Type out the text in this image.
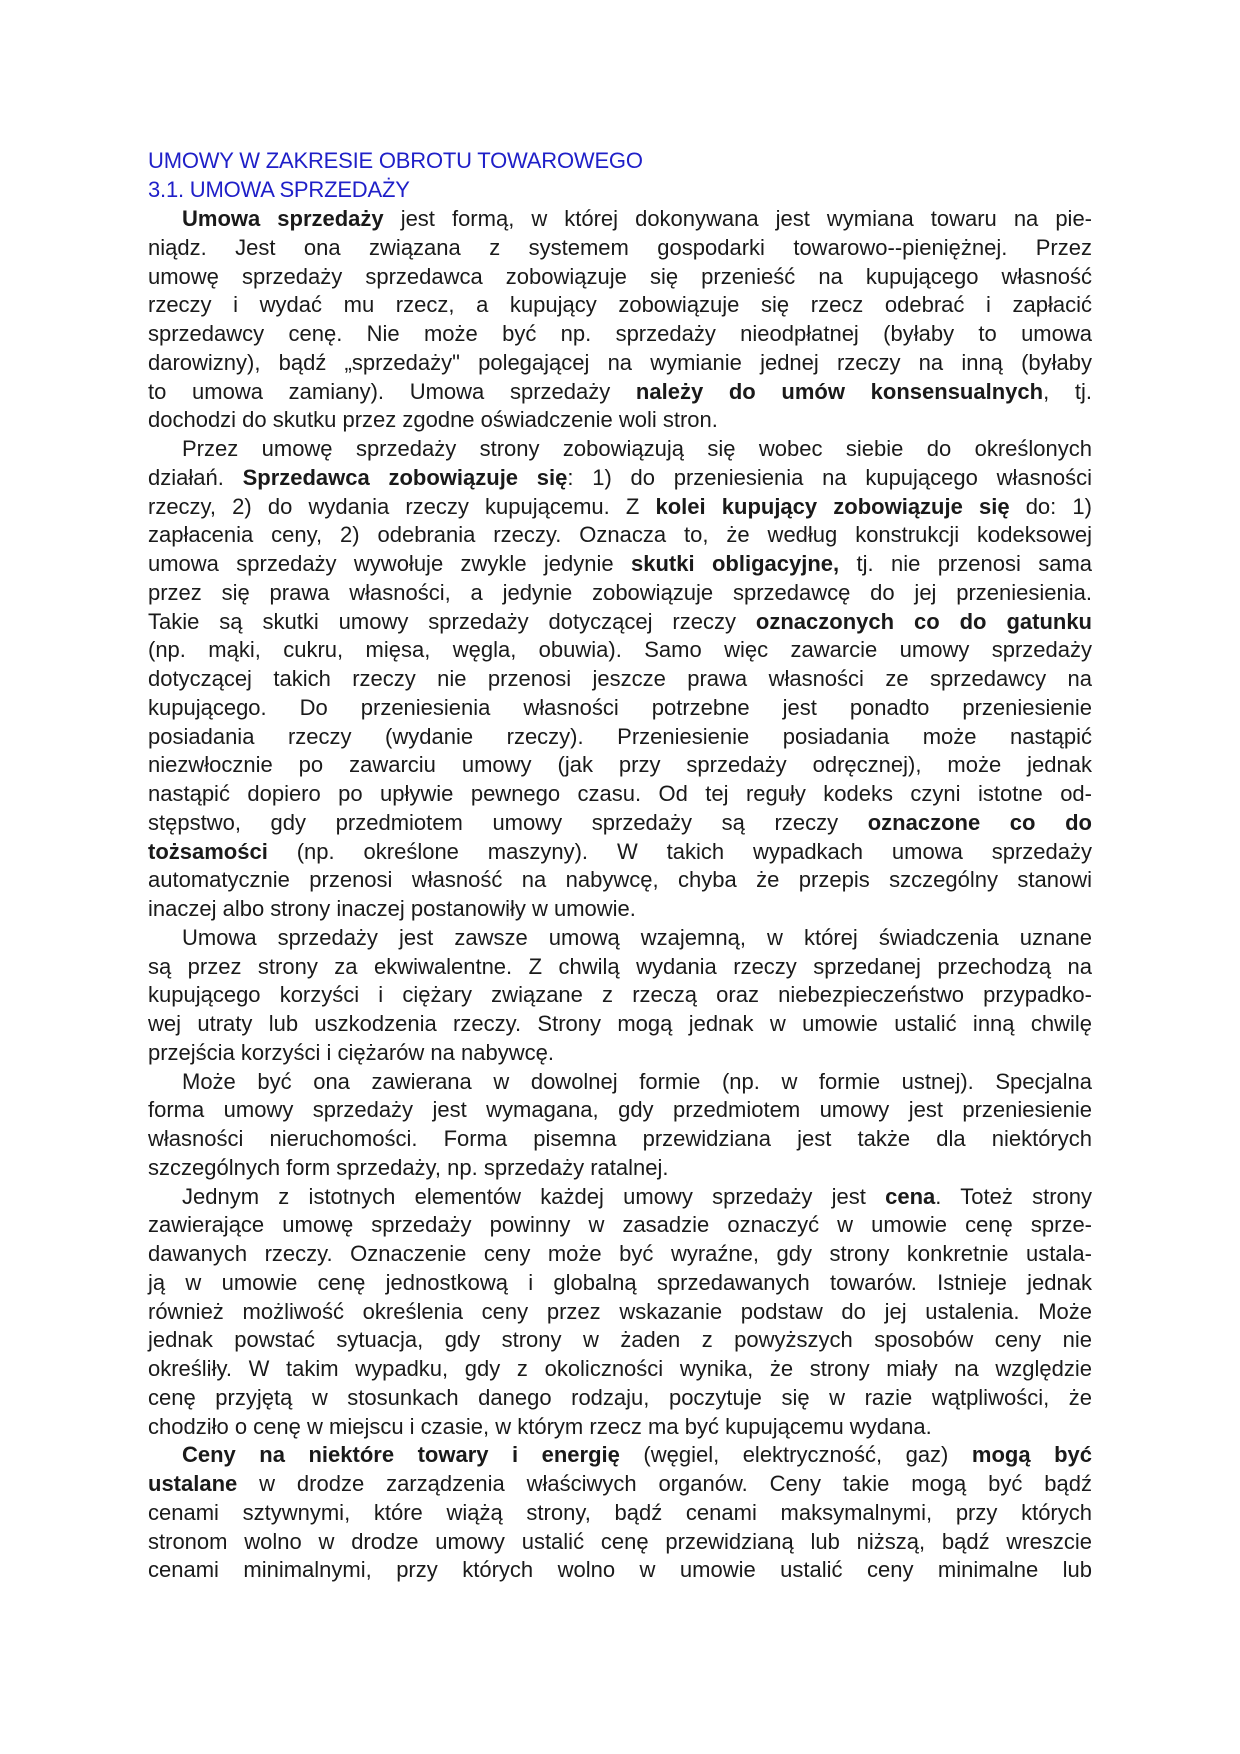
UMOWY W ZAKRESIE OBROTU TOWAROWEGO
3.1. UMOWA SPRZEDAŻY
Umowa sprzedaży jest formą, w której dokonywana jest wymiana towaru na pie-
niądz. Jest ona związana z systemem gospodarki towarowo--pieniężnej. Przez
umowę sprzedaży sprzedawca zobowiązuje się przenieść na kupującego własność
rzeczy i wydać mu rzecz, a kupujący zobowiązuje się rzecz odebrać i zapłacić
sprzedawcy cenę. Nie może być np. sprzedaży nieodpłatnej (byłaby to umowa
darowizny), bądź „sprzedaży" polegającej na wymianie jednej rzeczy na inną (byłaby
to umowa zamiany). Umowa sprzedaży należy do umów konsensualnych, tj.
dochodzi do skutku przez zgodne oświadczenie woli stron.
Przez umowę sprzedaży strony zobowiązują się wobec siebie do określonych
działań. Sprzedawca zobowiązuje się: 1) do przeniesienia na kupującego własności
rzeczy, 2) do wydania rzeczy kupującemu. Z kolei kupujący zobowiązuje się do: 1)
zapłacenia ceny, 2) odebrania rzeczy. Oznacza to, że według konstrukcji kodeksowej
umowa sprzedaży wywołuje zwykle jedynie skutki obligacyjne, tj. nie przenosi sama
przez się prawa własności, a jedynie zobowiązuje sprzedawcę do jej przeniesienia.
Takie są skutki umowy sprzedaży dotyczącej rzeczy oznaczonych co do gatunku
(np. mąki, cukru, mięsa, węgla, obuwia). Samo więc zawarcie umowy sprzedaży
dotyczącej takich rzeczy nie przenosi jeszcze prawa własności ze sprzedawcy na
kupującego. Do przeniesienia własności potrzebne jest ponadto przeniesienie
posiadania rzeczy (wydanie rzeczy). Przeniesienie posiadania może nastąpić
niezwłocznie po zawarciu umowy (jak przy sprzedaży odręcznej), może jednak
nastąpić dopiero po upływie pewnego czasu. Od tej reguły kodeks czyni istotne od-
stępstwo, gdy przedmiotem umowy sprzedaży są rzeczy oznaczone co do
tożsamości (np. określone maszyny). W takich wypadkach umowa sprzedaży
automatycznie przenosi własność na nabywcę, chyba że przepis szczególny stanowi
inaczej albo strony inaczej postanowiły w umowie.
Umowa sprzedaży jest zawsze umową wzajemną, w której świadczenia uznane
są przez strony za ekwiwalentne. Z chwilą wydania rzeczy sprzedanej przechodzą na
kupującego korzyści i ciężary związane z rzeczą oraz niebezpieczeństwo przypadko-
wej utraty lub uszkodzenia rzeczy. Strony mogą jednak w umowie ustalić inną chwilę
przejścia korzyści i ciężarów na nabywcę.
Może być ona zawierana w dowolnej formie (np. w formie ustnej). Specjalna
forma umowy sprzedaży jest wymagana, gdy przedmiotem umowy jest przeniesienie
własności nieruchomości. Forma pisemna przewidziana jest także dla niektórych
szczególnych form sprzedaży, np. sprzedaży ratalnej.
Jednym z istotnych elementów każdej umowy sprzedaży jest cena. Toteż strony
zawierające umowę sprzedaży powinny w zasadzie oznaczyć w umowie cenę sprze-
dawanych rzeczy. Oznaczenie ceny może być wyraźne, gdy strony konkretnie ustala-
ją w umowie cenę jednostkową i globalną sprzedawanych towarów. Istnieje jednak
również możliwość określenia ceny przez wskazanie podstaw do jej ustalenia. Może
jednak powstać sytuacja, gdy strony w żaden z powyższych sposobów ceny nie
określiły. W takim wypadku, gdy z okoliczności wynika, że strony miały na względzie
cenę przyjętą w stosunkach danego rodzaju, poczytuje się w razie wątpliwości, że
chodziło o cenę w miejscu i czasie, w którym rzecz ma być kupującemu wydana.
Ceny na niektóre towary i energię (węgiel, elektryczność, gaz) mogą być
ustalane w drodze zarządzenia właściwych organów. Ceny takie mogą być bądź
cenami sztywnymi, które wiążą strony, bądź cenami maksymalnymi, przy których
stronom wolno w drodze umowy ustalić cenę przewidzianą lub niższą, bądź wreszcie
cenami minimalnymi, przy których wolno w umowie ustalić ceny minimalne lub
